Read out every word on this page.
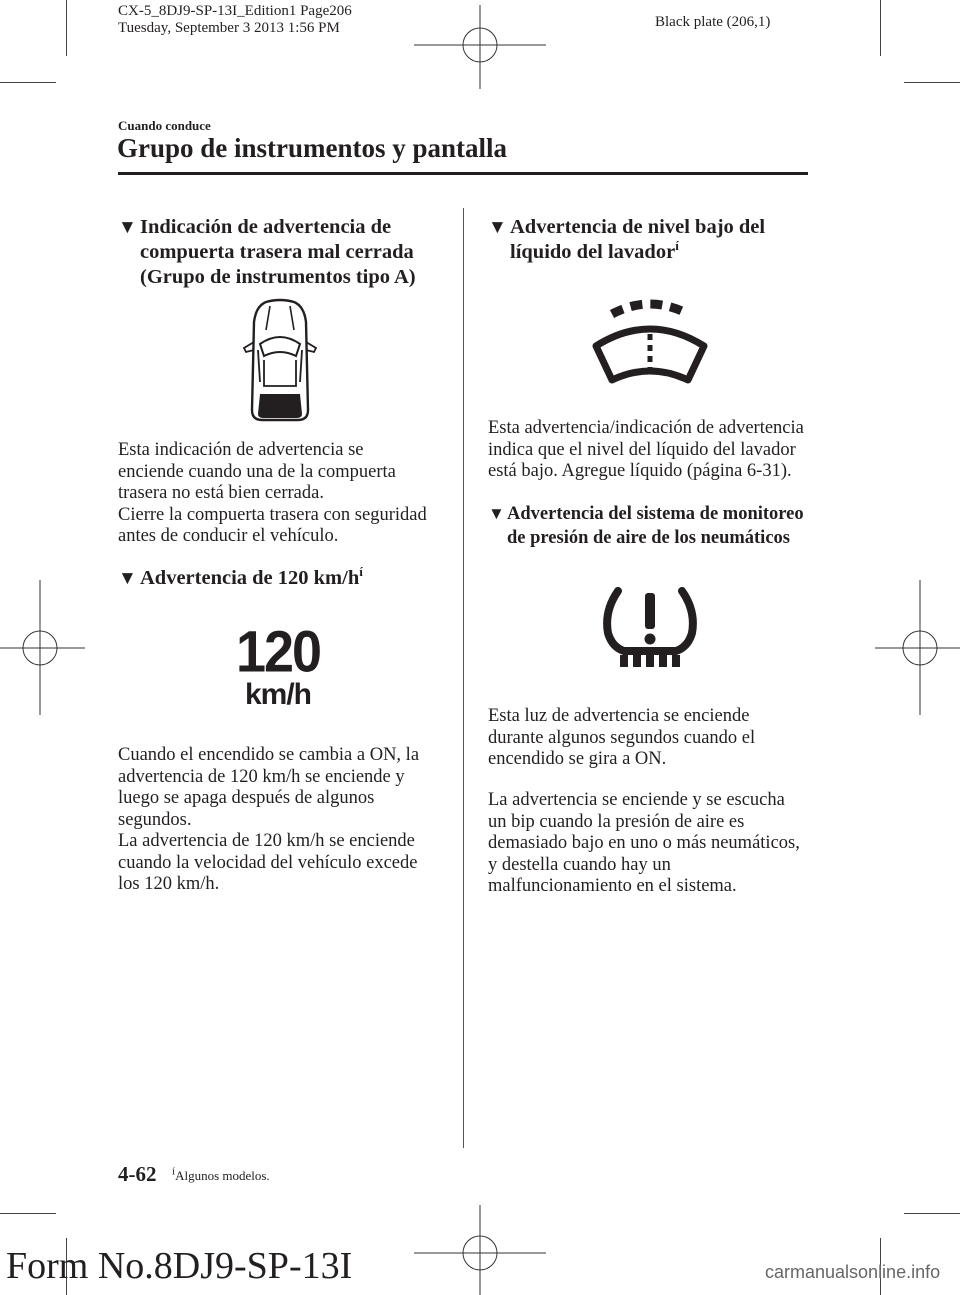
CX-5_8DJ9-SP-13I_Edition1 Page206
Tuesday, September 3 2013 1:56 PM	Black plate (206,1)
Cuando conduce
Grupo de instrumentos y pantalla
▼ Indicación de advertencia de
compuerta trasera mal cerrada
(Grupo de instrumentos tipo A)

Esta indicación de advertencia se

enciende cuando una de la compuerta

trasera no está bien cerrada.

Cierre la compuerta trasera con seguridad

antes de conducir el vehículo.

▼ Advertencia de 120 $km/h^í$
120
km/h

Cuando el encendido se cambia a ON, la

advertencia de 120 km/h se enciende y

luego se apaga después de algunos

segundos.

La advertencia de 120 km/h se enciende

cuando la velocidad del vehículo excede

los 120 km/h.

▼ Advertencia de nivel bajo del
líquido del lavador$^í$

Esta advertencia/indicación de advertencia

indica que el nivel del líquido del lavador

está bajo. Agregue líquido (página 6-31).

▼ Advertencia del sistema de monitoreo
de presión de aire de los neumáticos

Esta luz de advertencia se enciende

durante algunos segundos cuando el

encendido se gira a ON.

La advertencia se enciende y se escucha

un bip cuando la presión de aire es

demasiado bajo en uno o más neumáticos,

y destella cuando hay un

malfuncionamiento en el sistema.

4-62 $^í$Algunos modelos.
Form No.8DJ9-SP-13I	carmanualsonline.info
